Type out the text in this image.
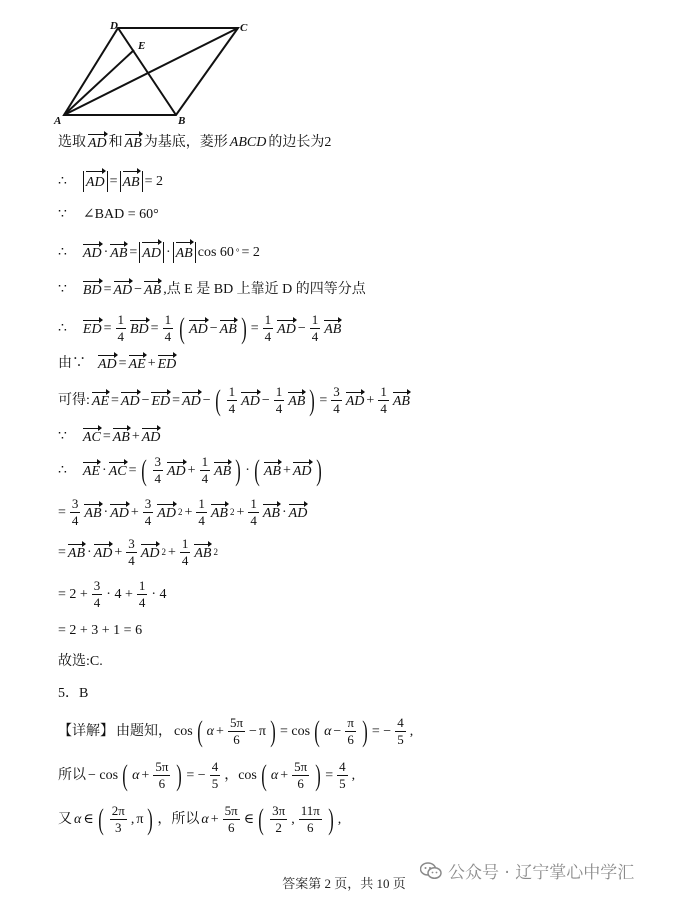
A	B
C
D
E
选取 AD 和 AB 为基底，菱形 ABCD 的边长为2
∴ AD = AB = 2
∵ ∠BAD = 60°
∴ AD · AB = AD · AB cos 60 ° = 2
∵ BD = AD − AB ,点 E 是 BD 上靠近 D 的四等分点
∴ ED = $\frac{1}{4}$ BD = $\frac{1}{4}$ ( AD − AB ) = $\frac{1}{4}$ AD − $\frac{1}{4}$ AB
由∵ AD = AE + ED
可得: AE = AD − ED = AD − ( $\frac{1}{4}$ AD − $\frac{1}{4}$ AB ) = $\frac{3}{4}$ AD + $\frac{1}{4}$ AB
∵ AC = AB + AD
∴ AE · AC = ( $\frac{3}{4}$ AD + $\frac{1}{4}$ AB ) · ( AB + AD )
= $\frac{3}{4}$ AB · AD + $\frac{3}{4}$ AD $2 + \frac{1}{4}$ AB $2 + \frac{1}{4}$ AB · AD
= AB · AD + $\frac{3}{4}$ AD $2 + \frac{1}{4}$ AB 2
= $2 + \frac{3}{4} \cdot 4 + \frac{1}{4} \cdot 4$
= 2 + 3 + 1 = 6
故选:C.
5．B
【详解】 由题知， cos ( $\alpha + \frac{5\pi}{6} - \pi$ ) = cos ( $\alpha - \frac{\pi}{6}$ ) = − $\frac{4}{5}$ ,
所以 − cos ( $\alpha + \frac{5\pi}{6}$ ) = − $\frac{4}{5}$ ，cos ( $\alpha + \frac{5\pi}{6}$ ) = $\frac{4}{5}$ ,
又 α ∈ ( $\frac{2\pi}{3}$ , π ) ，所以 $\alpha + \frac{5\pi}{6}$ ∈ ( $\frac{3\pi}{2}$ , $\frac{11\pi}{6}$ ) ,
公众号 · 辽宁掌心中学汇
答案第 2 页，共 10 页
